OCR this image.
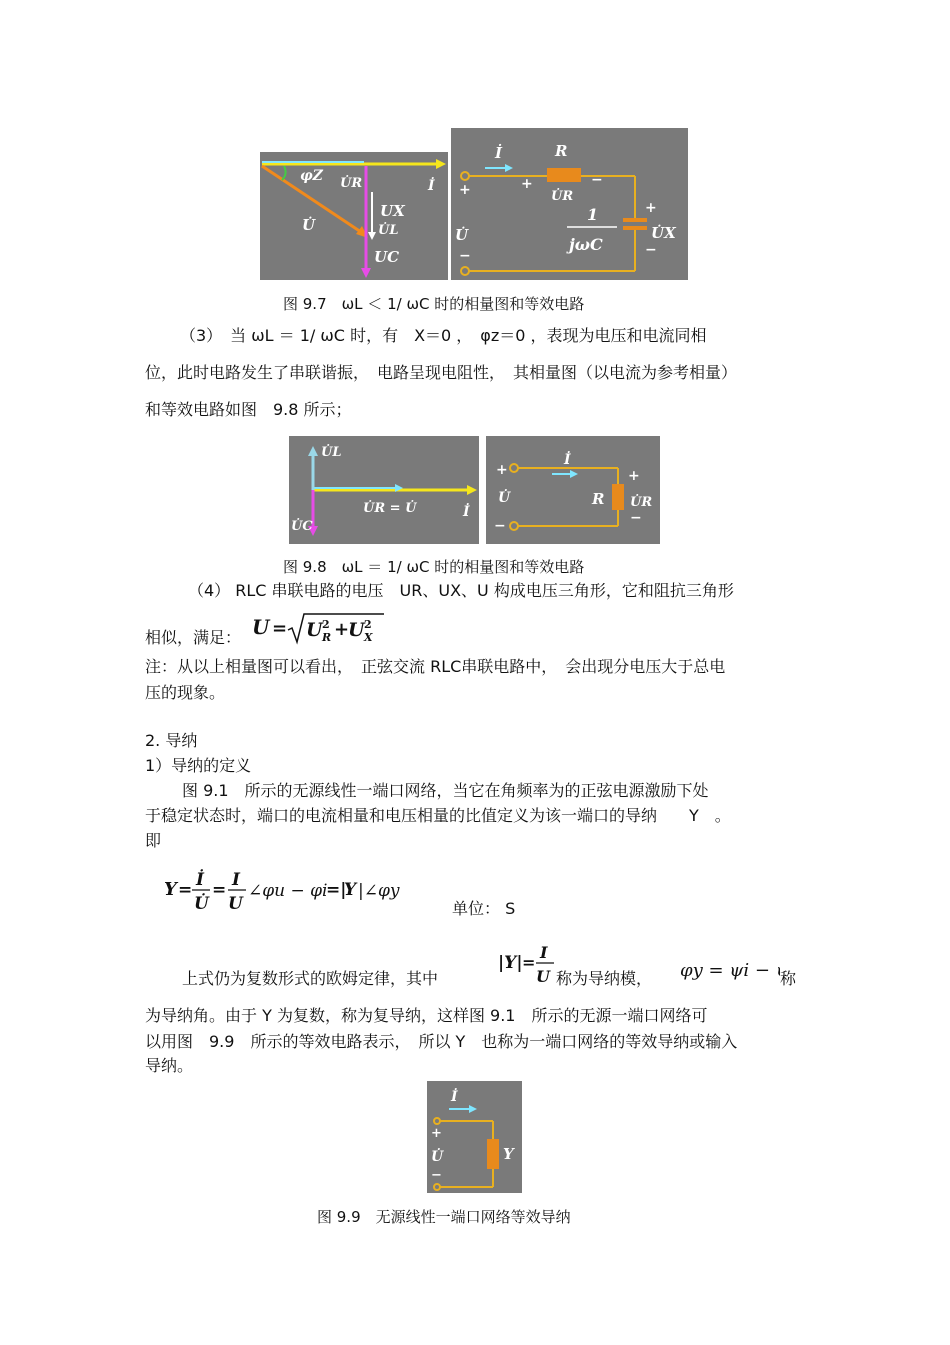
φZ U̇R	İ
UX
U̇L
U̇
UC
İ	R
+	−
U̇R
+
U̇
−
1
jωC
+
U̇X
−
图 9.7　ωL ＜ 1/ ωC 时的相量图和等效电路
（3）　当 ωL ＝ 1/ ωC 时，有　X＝0 ，　φz＝0 ，表现为电压和电流同相
位，此时电路发生了串联谐振，　电路呈现电阻性，　其相量图（以电流为参考相量）
和等效电路如图　9.8 所示；
U̇L
U̇R = U̇	İ
U̇C
+
İ
+
U̇	R U̇R
−	−
图 9.8　ωL ＝ 1/ ωC 时的相量图和等效电路
（4） RLC 串联电路的电压　UR、UX、U 构成电压三角形，它和阻抗三角形
相似，满足： U = U 2
R +
U 2
X
注：从以上相量图可以看出，　正弦交流 RLC串联电路中，　会出现分电压大于总电
压的现象。
2. 导纳
1）导纳的定义
图 9.1　所示的无源线性一端口网络，当它在角频率为的正弦电源激励下处
于稳定状态时，端口的电流相量和电压相量的比值定义为该一端口的导纳　　Y　。
即
Y = İ
U̇
= I
U
∠φu − φi
=|
Y |∠φy
单位： S
上式仍为复数形式的欧姆定律，其中
|Y| =
I
U 称为导纳模， φy = ψi − 称
为导纳角。由于 Y 为复数，称为复导纳，这样图 9.1　所示的无源一端口网络可
以用图　9.9　所示的等效电路表示，　所以 Y　也称为一端口网络的等效导纳或输入
导纳。
İ
+
U̇
−
Y
图 9.9　无源线性一端口网络等效导纳
